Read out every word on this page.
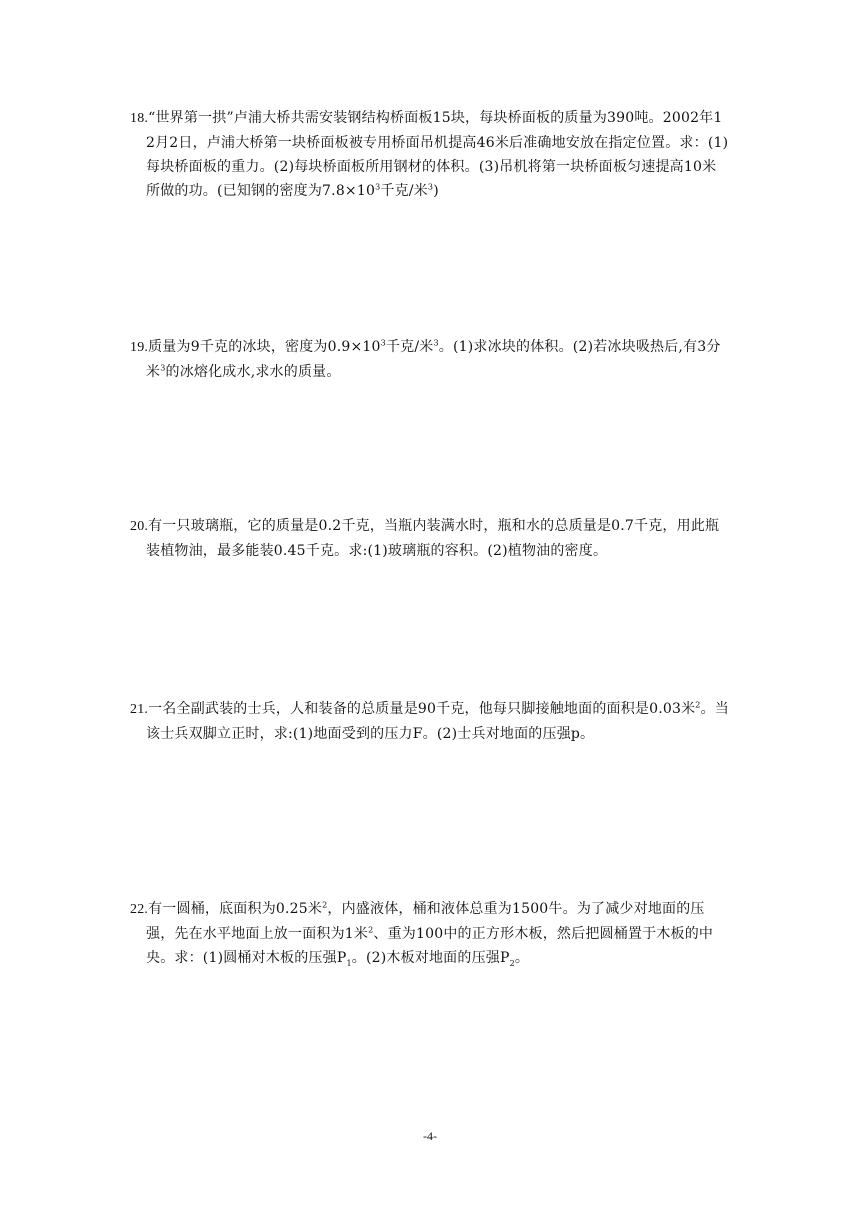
18.“世界第一拱”卢浦大桥共需安装钢结构桥面板15块，每块桥面板的质量为390吨。2002年12月2日，卢浦大桥第一块桥面板被专用桥面吊机提高46米后准确地安放在指定位置。求：(1)每块桥面板的重力。(2)每块桥面板所用钢材的体积。(3)吊机将第一块桥面板匀速提高10米所做的功。(已知钢的密度为$7.8\times 10^3$千克/米$^3$)

19.质量为9千克的冰块，密度为$0.9\times 10^3$千克/米$^3$。(1)求冰块的体积。(2)若冰块吸热后,有3分米$^3$的冰熔化成水,求水的质量。

20.有一只玻璃瓶，它的质量是0.2千克，当瓶内装满水时，瓶和水的总质量是0.7千克，用此瓶装植物油，最多能装0.45千克。求:(1)玻璃瓶的容积。(2)植物油的密度。

21.一名全副武装的士兵，人和装备的总质量是90千克，他每只脚接触地面的面积是0.03米$^2$。当该士兵双脚立正时，求:(1)地面受到的压力F。(2)士兵对地面的压强p。

22.有一圆桶，底面积为0.25米$^2$，内盛液体，桶和液体总重为1500牛。为了减少对地面的压强，先在水平地面上放一面积为1米$^2$、重为100中的正方形木板，然后把圆桶置于木板的中央。求：(1)圆桶对木板的压强$P_1$。(2)木板对地面的压强$P_2$。

-4-
